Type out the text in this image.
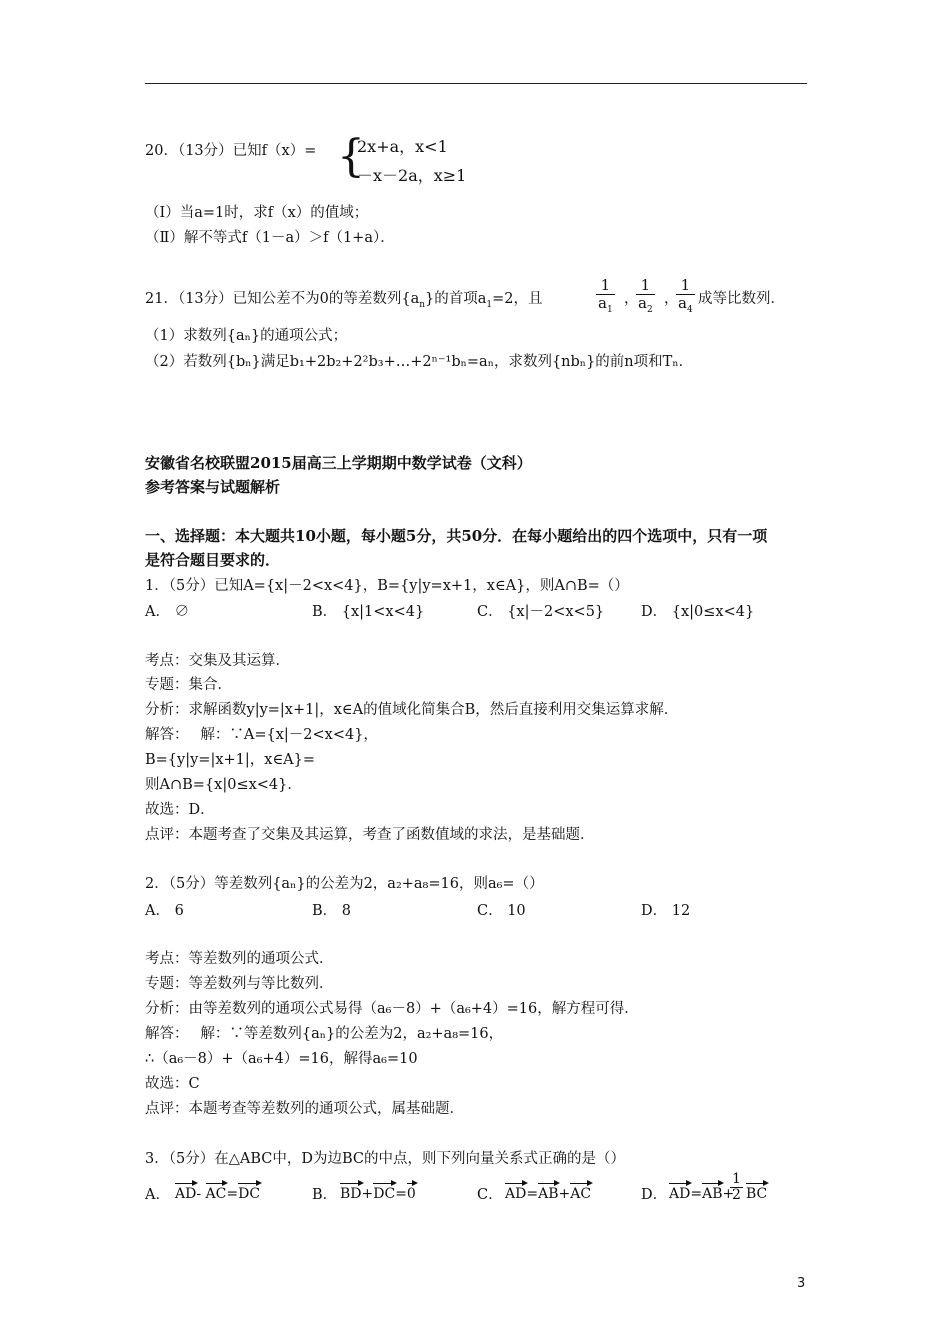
20．（13分）已知f（x）= {
2x+a，x<1
－x－2a，x≥1
（Ⅰ）当a=1时，求f（x）的值域；
（Ⅱ）解不等式f（1－a）＞f（1+a）．
21．（13分）已知公差不为0的等差数列$\{a_n\}$的首项$a_1=2$，且	$\frac{1}{a_1}$ ，
$\frac{1}{a_2}$ ，
$\frac{1}{a_4}$ 成等比数列．
（1）求数列{aₙ}的通项公式；
（2）若数列{bₙ}满足b₁+2b₂+2²b₃+…+2ⁿ⁻¹bₙ=aₙ，求数列{nbₙ}的前n项和Tₙ．
安徽省名校联盟2015届高三上学期期中数学试卷（文科）
参考答案与试题解析
一、选择题：本大题共10小题，每小题5分，共50分．在每小题给出的四个选项中，只有一项
是符合题目要求的．
1．（5分）已知A={x|－2<x<4}，B={y|y=x+1，x∈A}，则A∩B=（）
A． ∅	B． {x|1<x<4}	C． {x|－2<x<5}	D． {x|0≤x<4}
考点：交集及其运算．
专题：集合．
分析：求解函数y|y=|x+1|，x∈A的值域化简集合B，然后直接利用交集运算求解．
解答：　 解：∵A={x|－2<x<4}，
B={y|y=|x+1|，x∈A}=
则A∩B={x|0≤x<4}．
故选：D．
点评：本题考查了交集及其运算，考查了函数值域的求法，是基础题．
2．（5分）等差数列{aₙ}的公差为2，a₂+a₈=16，则a₆=（）
A． 6	B． 8	C． 10	D． 12
考点：等差数列的通项公式．
专题：等差数列与等比数列．
分析：由等差数列的通项公式易得（a₆－8）+（a₆+4）=16，解方程可得．
解答：　 解：∵等差数列{aₙ}的公差为2，a₂+a₈=16，
∴（a₆－8）+（a₆+4）=16，解得a₆=10
故选：C
点评：本题考查等差数列的通项公式，属基础题．
3．（5分）在△ABC中，D为边BC的中点，则下列向量关系式正确的是（）
A． AD- AC=DC	B． BD+DC=0	C． AD=AB+AC	D． AD=AB+
$\frac{1}{2}$ BC
3
